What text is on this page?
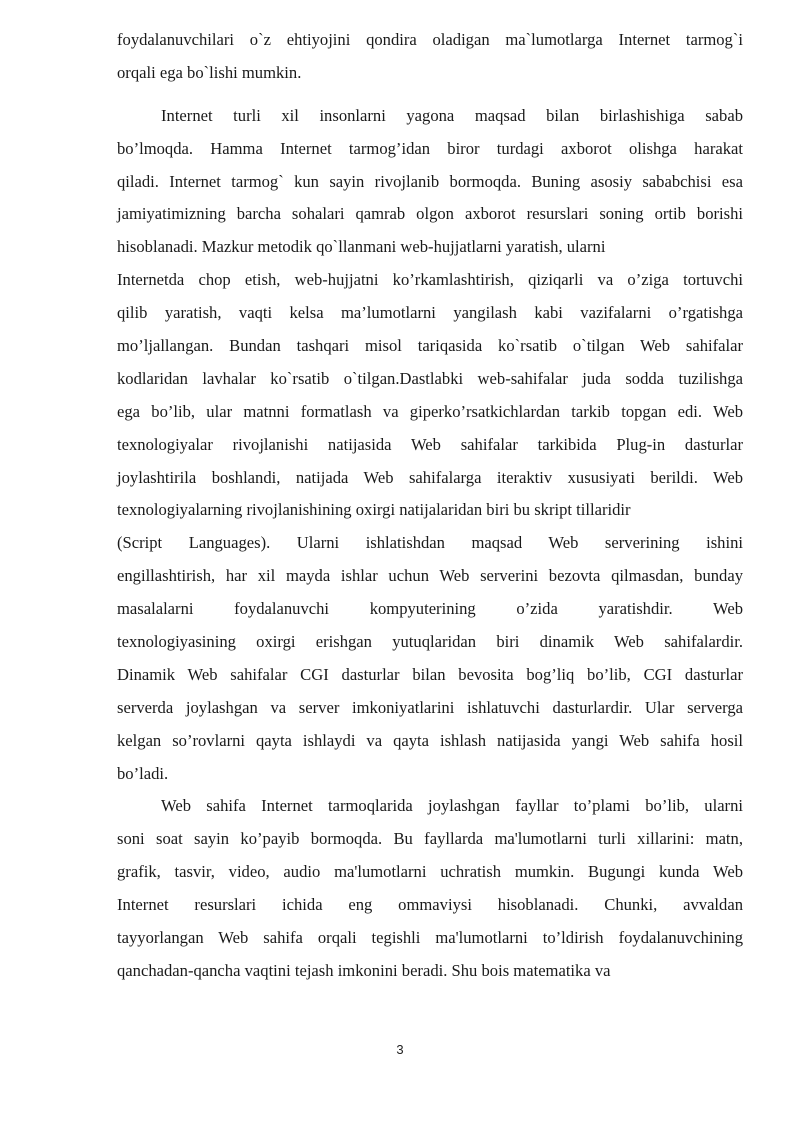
foydalanuvchilari o`z ehtiyojini qondira oladigan ma`lumotlarga Internet tarmog`i
orqali ega bo`lishi mumkin.
Internet turli xil insonlarni yagona maqsad bilan birlashishiga sabab
bo’lmoqda. Hamma Internet tarmog’idan biror turdagi axborot olishga harakat
qiladi. Internet tarmog` kun sayin rivojlanib bormoqda. Buning asosiy sababchisi esa
jamiyatimizning barcha sohalari qamrab olgon axborot resurslari soning ortib borishi
hisoblanadi. Mazkur metodik qo`llanmani web-hujjatlarni yaratish, ularni
Internetda chop etish, web-hujjatni ko’rkamlashtirish, qiziqarli va o’ziga tortuvchi
qilib yaratish, vaqti kelsa ma’lumotlarni yangilash kabi vazifalarni o’rgatishga
mo’ljallangan. Bundan tashqari misol tariqasida ko`rsatib o`tilgan Web sahifalar
kodlaridan lavhalar ko`rsatib o`tilgan.Dastlabki web-sahifalar juda sodda tuzilishga
ega bo’lib, ular matnni formatlash va giperko’rsatkichlardan tarkib topgan edi. Web
texnologiyalar rivojlanishi natijasida Web sahifalar tarkibida Plug-in dasturlar
joylashtirila boshlandi, natijada Web sahifalarga iteraktiv xususiyati berildi. Web
texnologiyalarning rivojlanishining oxirgi natijalaridan biri bu skript tillaridir
(Script Languages). Ularni ishlatishdan maqsad Web serverining ishini
engillashtirish, har xil mayda ishlar uchun Web serverini bezovta qilmasdan, bunday
masalalarni foydalanuvchi kompyuterining o’zida yaratishdir. Web
texnologiyasining oxirgi erishgan yutuqlaridan biri dinamik Web sahifalardir.
Dinamik Web sahifalar CGI dasturlar bilan bevosita bog’liq bo’lib, CGI dasturlar
serverda joylashgan va server imkoniyatlarini ishlatuvchi dasturlardir. Ular serverga
kelgan so’rovlarni qayta ishlaydi va qayta ishlash natijasida yangi Web sahifa hosil
bo’ladi.
Web sahifa Internet tarmoqlarida joylashgan fayllar to’plami bo’lib, ularni
soni soat sayin ko’payib bormoqda. Bu fayllarda ma'lumotlarni turli xillarini: matn,
grafik, tasvir, video, audio ma'lumotlarni uchratish mumkin. Bugungi kunda Web
Internet resurslari ichida eng ommaviysi hisoblanadi. Chunki, avvaldan
tayyorlangan Web sahifa orqali tegishli ma'lumotlarni to’ldirish foydalanuvchining
qanchadan-qancha vaqtini tejash imkonini beradi. Shu bois matematika va
3
